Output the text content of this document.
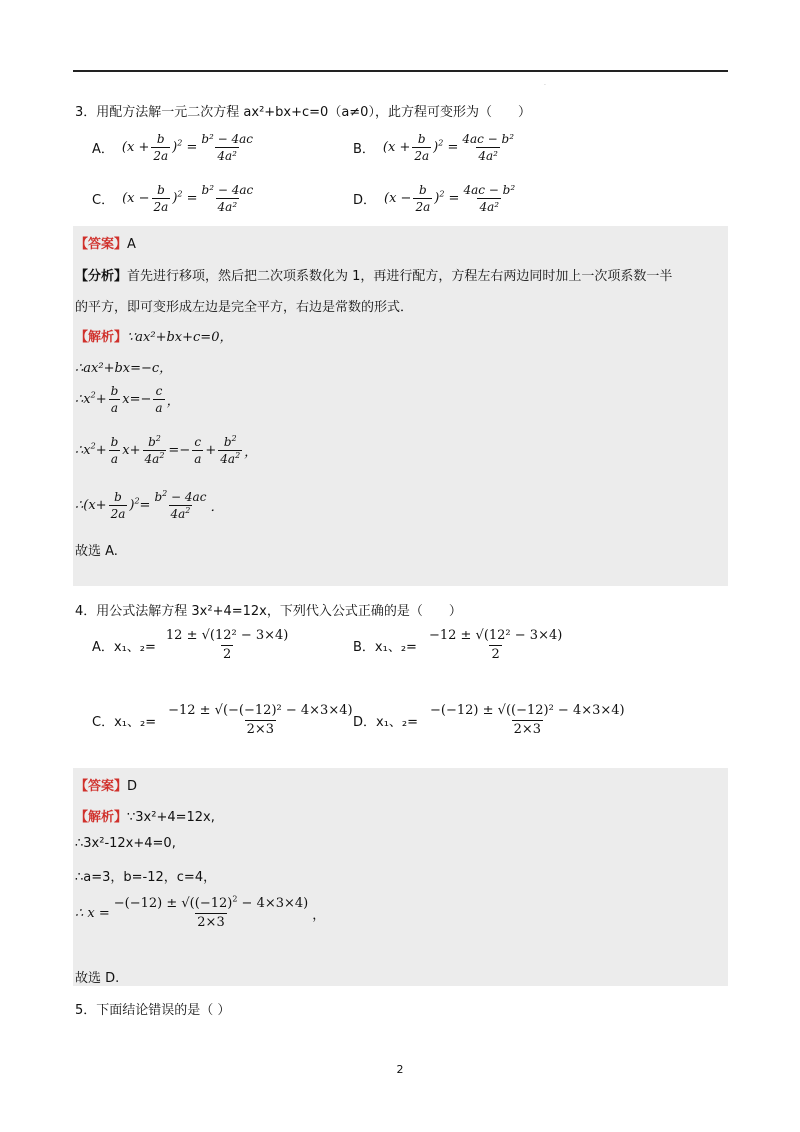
.
3．用配方法解一元二次方程 ax²+bx+c=0（a≠0），此方程可变形为（　　）
A． $(x + \frac{b}{2a} )^2 = \frac{\text{b² − 4ac}}{\text{4a²}}$	B． $(x + \frac{b}{2a} )^2 = \frac{\text{4ac − b²}}{\text{4a²}}$
C． $(x - \frac{b}{2a} )^2 = \frac{\text{b² − 4ac}}{\text{4a²}}$	D． $(x - \frac{b}{2a} )^2 = \frac{\text{4ac − b²}}{\text{4a²}}$
【答案】A
【分析】首先进行移项，然后把二次项系数化为 1，再进行配方，方程左右两边同时加上一次项系数一半
的平方，即可变形成左边是完全平方，右边是常数的形式．
【解析】∵ax²+bx+c=0，
∴ax²+bx=−c，
$\therefore x^2+ \frac{b}{a} x=- \frac{c}{a}$ ，
$\therefore x^2+ \frac{b}{a} x+ \frac{b^2}{4a^2} =- \frac{c}{a} + \frac{b^2}{4a^2}$ ，
∴(x+ $\frac{b}{2a} )^2= \frac{b^2 - 4ac}{4a^2}$ ．
故选 A.
4．用公式法解方程 3x²+4=12x，下列代入公式正确的是（　　）
A．x₁、$_2= \frac{\text{12 ± √(12² − 3×4)}}{2}$	B．x₁、$_2= \frac{\text{−12 ± √(12² − 3×4)}}{2}$
C．x₁、$_2= \frac{\text{−12 ± √(−(−12)² − 4×3×4)}}{2\times 3}$
D．x₁、$_2= \frac{\text{−(−12) ± √((−12)² − 4×3×4)}}{2\times 3}$
【答案】D
【解析】∵3x²+4=12x,
∴3x²-12x+4=0,
∴a=3，b=-12，c=4，
∴ $x = \frac{-(-12) \pm √((-12)^2 - 4\times 3\times 4)}{2\times 3}$ ，
故选 D.
5．下面结论错误的是（ ）
2
